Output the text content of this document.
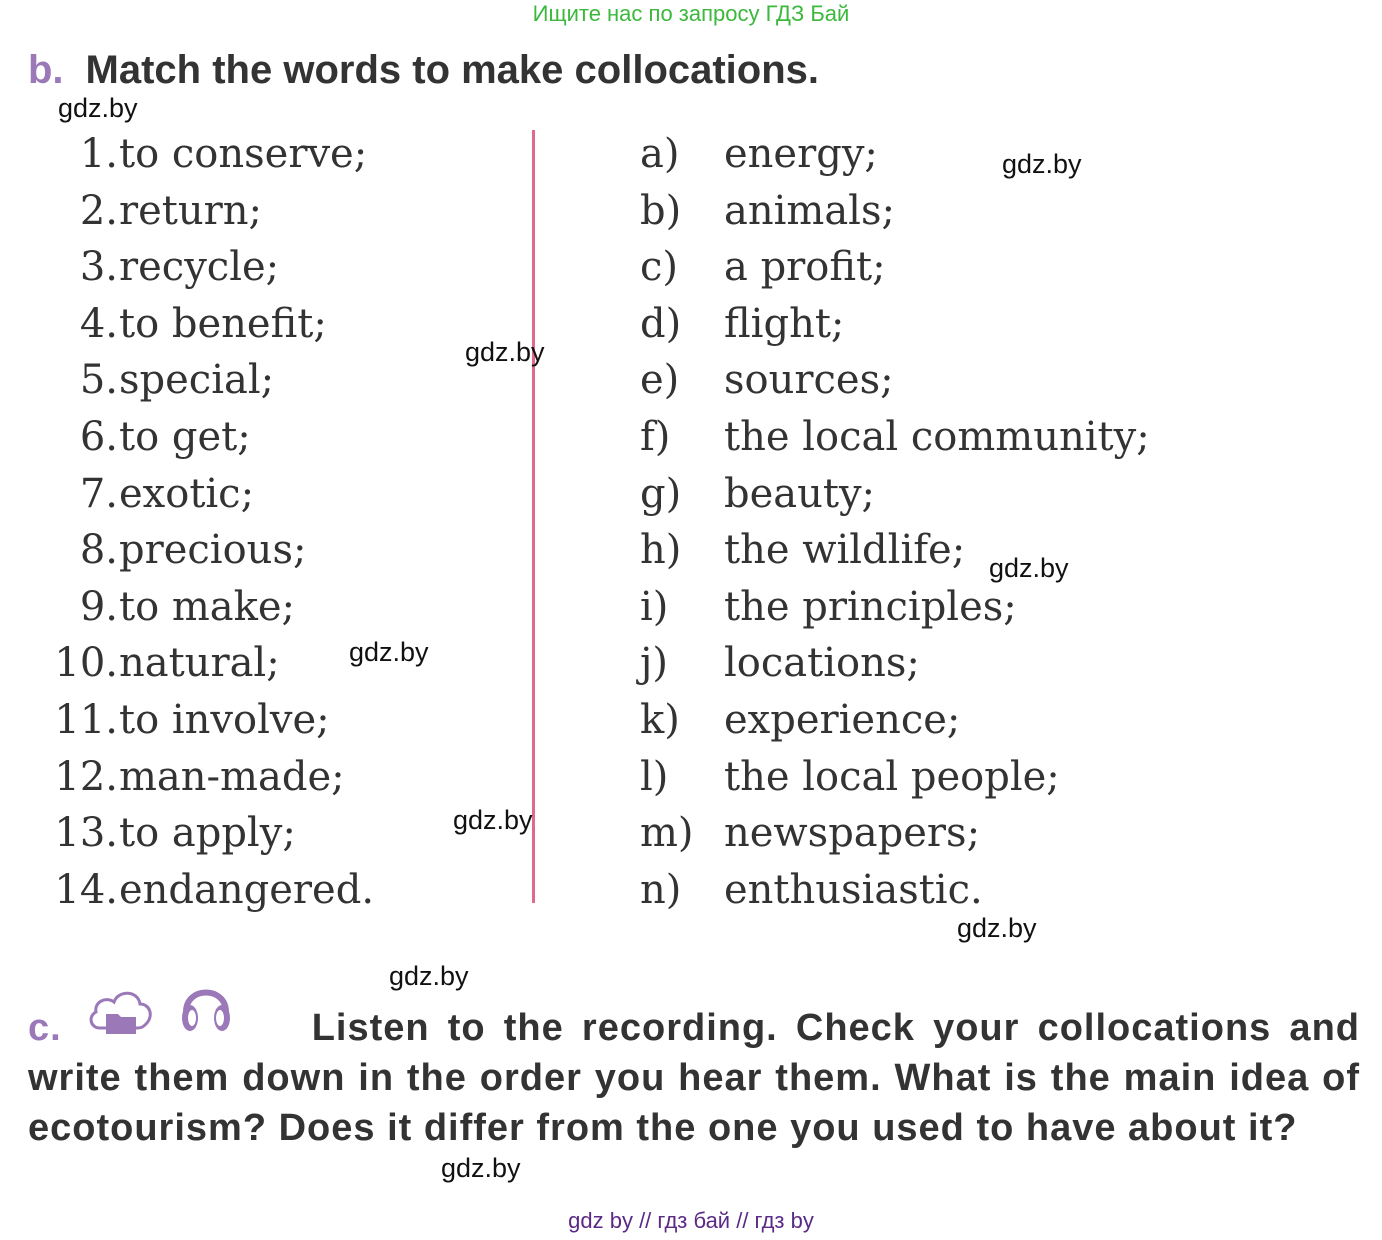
Ищите нас по запросу ГДЗ Бай
b. Match the words to make collocations.
1. to conserve;
2. return;
3. recycle;
4. to benefit;
5. special;
6. to get;
7. exotic;
8. precious;
9. to make;
10. natural;
11. to involve;
12. man-made;
13. to apply;
14. endangered.
a) energy;
b) animals;
c) a profit;
d) flight;
e) sources;
f) the local community;
g) beauty;
h) the wildlife;
i) the principles;
j) locations;
k) experience;
l) the local people;
m) newspapers;
n) enthusiastic.
gdz.by
gdz.by
gdz.by
gdz.by
gdz.by
gdz.by
gdz.by
gdz.by
gdz.by
c.	Listen to the recording. Check your collocations and write them down in the order you hear them. What is the main idea of ecotourism? Does it differ from the one you used to have about it?
gdz by // гдз бай // гдз by
